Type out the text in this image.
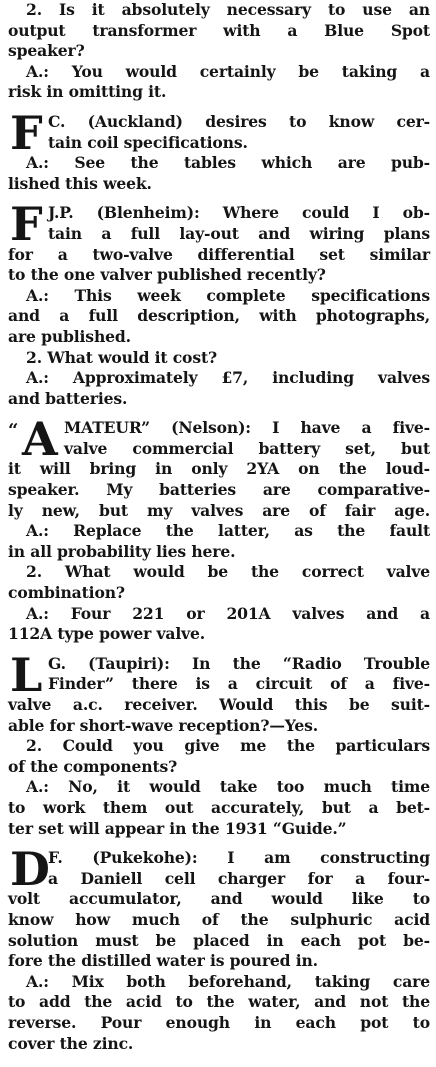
2. Is it absolutely necessary to use an
output transformer with a Blue Spot
speaker?
A.: You would certainly be taking a
risk in omitting it.
F C. (Auckland) desires to know cer-
tain coil specifications.
A.: See the tables which are pub-
lished this week.
F J.P. (Blenheim): Where could I ob-
tain a full lay-out and wiring plans
for a two-valve differential set similar
to the one valver published recently?
A.: This week complete specifications
and a full description, with photographs,
are published.
2. What would it cost?
A.: Approximately £7, including valves
and batteries.
“ A MATEUR” (Nelson): I have a five-
valve commercial battery set, but
it will bring in only 2YA on the loud-
speaker. My batteries are comparative-
ly new, but my valves are of fair age.
A.: Replace the latter, as the fault
in all probability lies here.
2. What would be the correct valve
combination?
A.: Four 221 or 201A valves and a
112A type power valve.
L G. (Taupiri): In the “Radio Trouble
Finder” there is a circuit of a five-
valve a.c. receiver. Would this be suit-
able for short-wave reception?—Yes.
2. Could you give me the particulars
of the components?
A.: No, it would take too much time
to work them out accurately, but a bet-
ter set will appear in the 1931 “Guide.”
D
F. (Pukekohe): I am constructing
a Daniell cell charger for a four-
volt accumulator, and would like to
know how much of the sulphuric acid
solution must be placed in each pot be-
fore the distilled water is poured in.
A.: Mix both beforehand, taking care
to add the acid to the water, and not the
reverse. Pour enough in each pot to
cover the zinc.
